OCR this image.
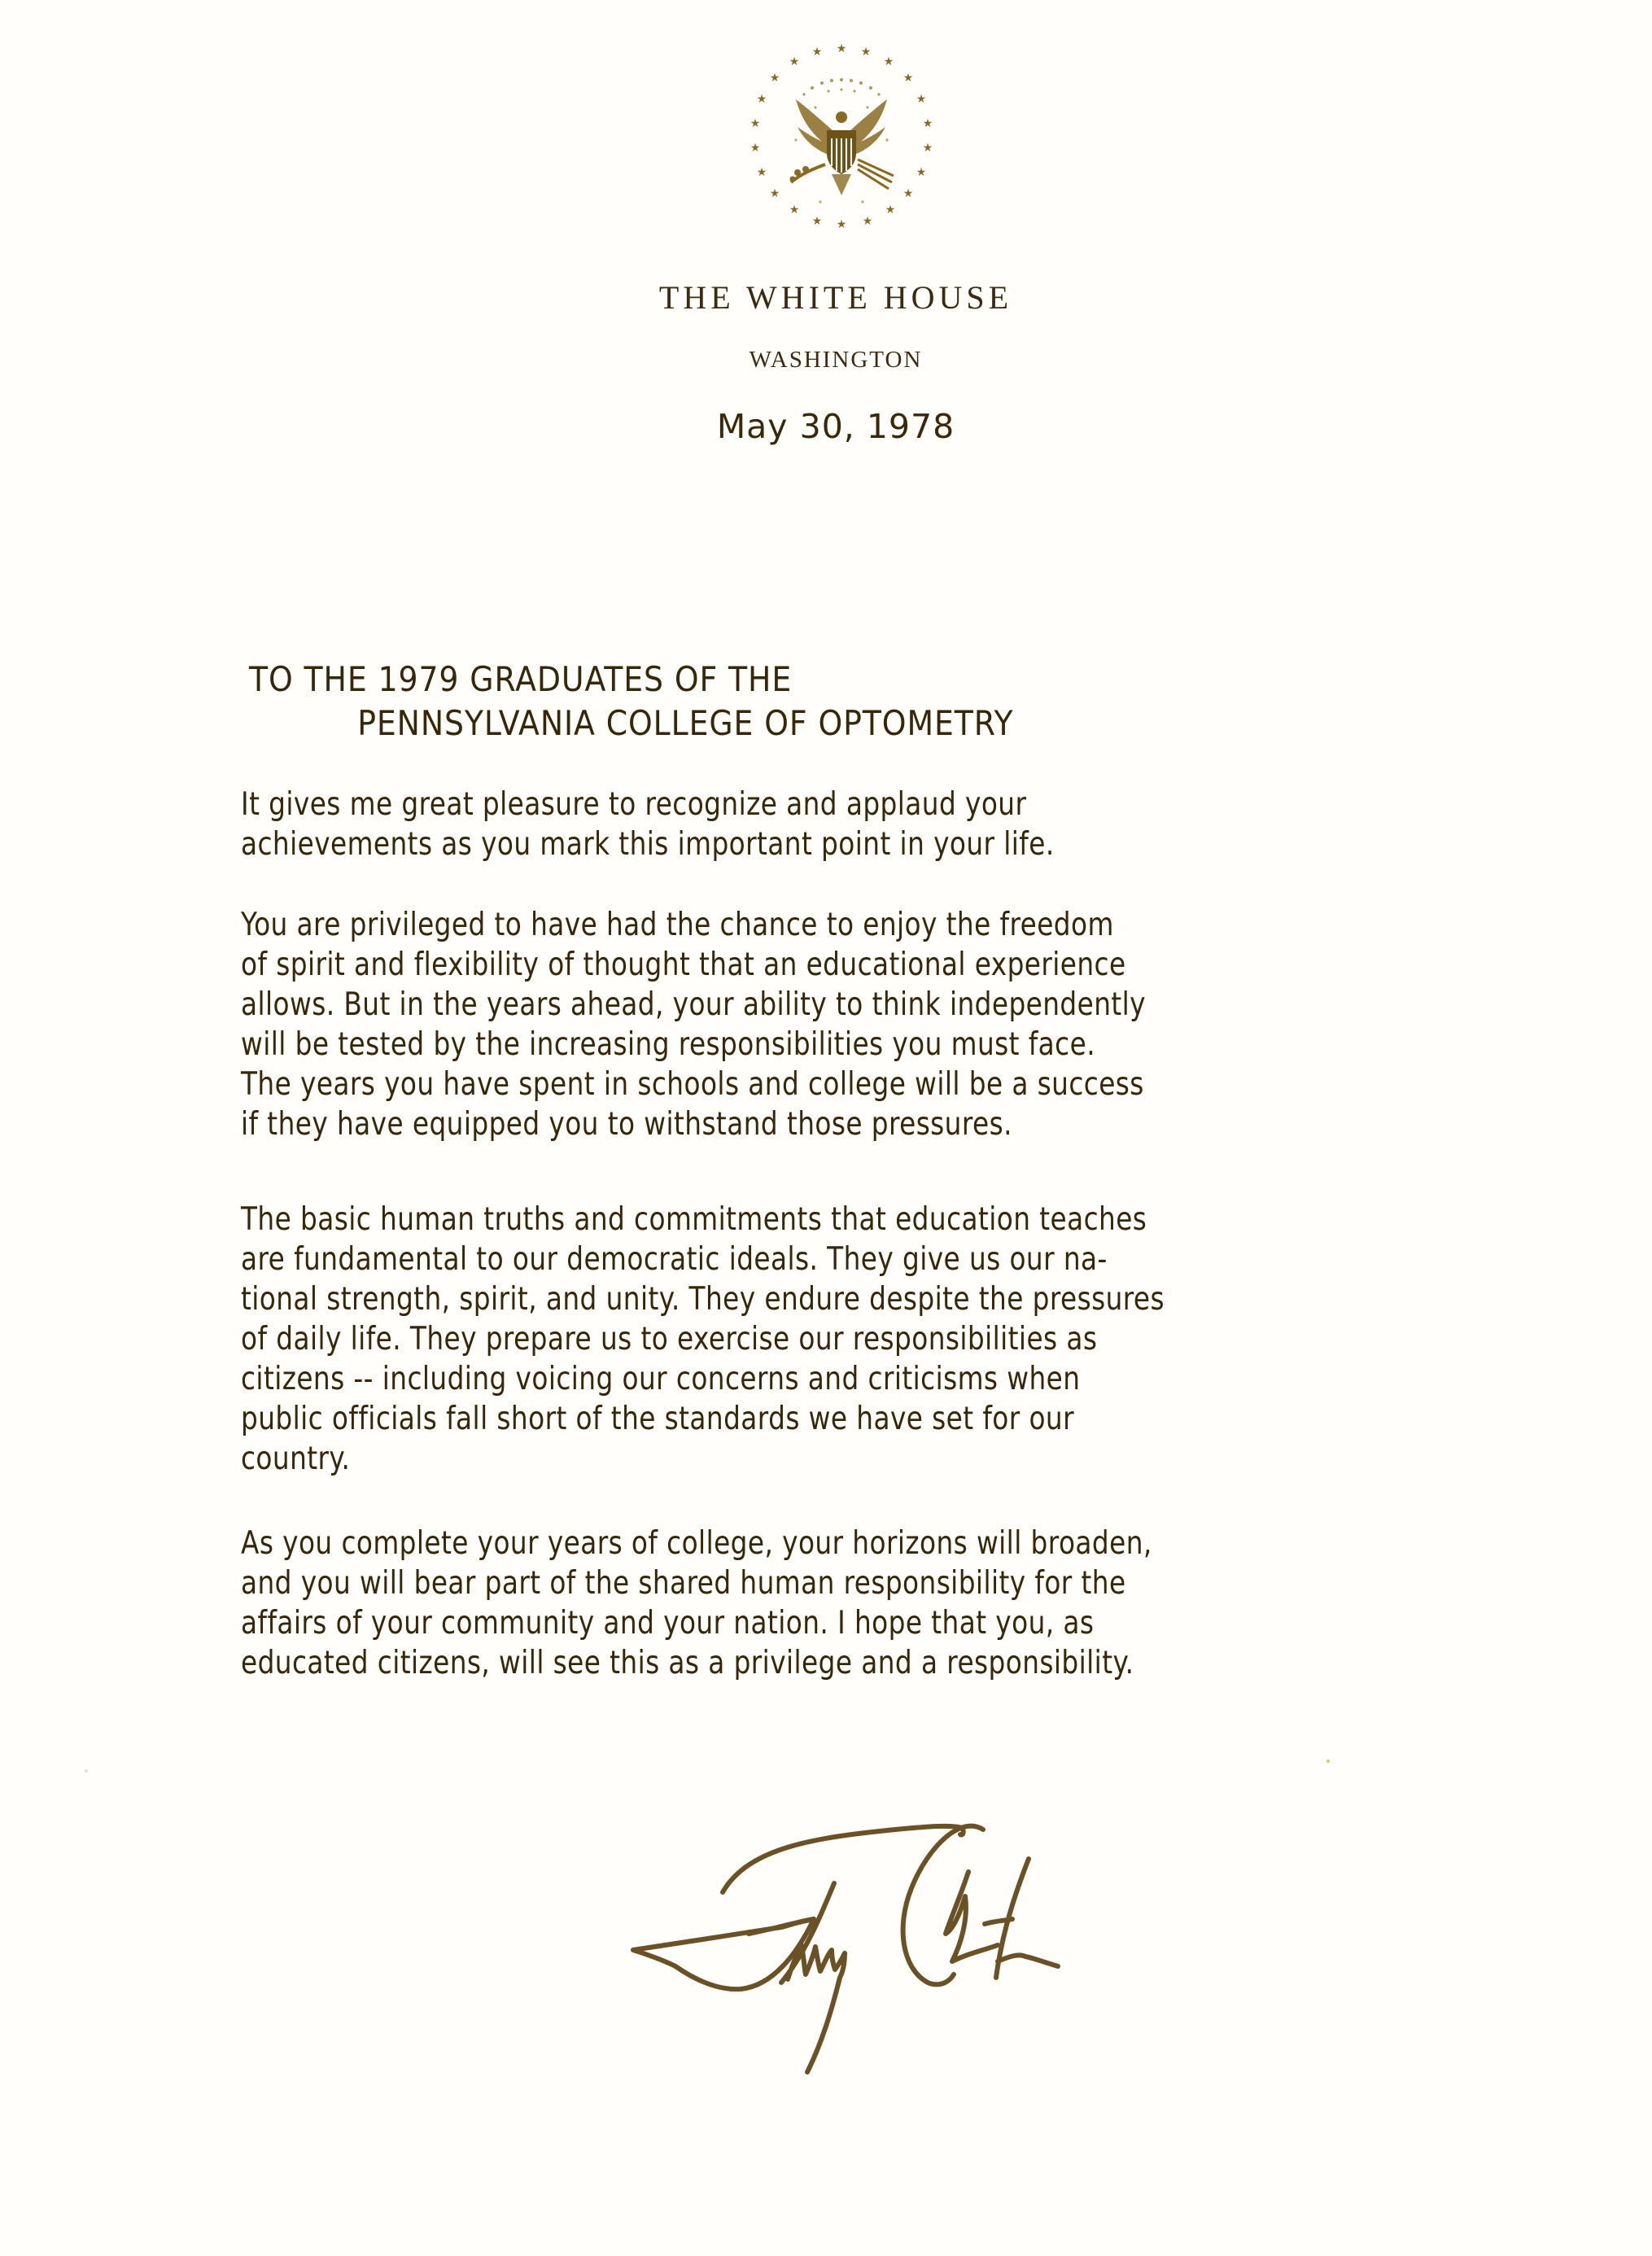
★ ★
★
★
★
★
★
★
★
★
★
★
★
★
★
★
★
★
★
★
★
★
THE WHITE HOUSE
WASHINGTON
May 30, 1978
TO THE 1979 GRADUATES OF THE
PENNSYLVANIA COLLEGE OF OPTOMETRY
It gives me great pleasure to recognize and applaud your
achievements as you mark this important point in your life.
You are privileged to have had the chance to enjoy the freedom
of spirit and flexibility of thought that an educational experience
allows. But in the years ahead, your ability to think independently
will be tested by the increasing responsibilities you must face.
The years you have spent in schools and college will be a success
if they have equipped you to withstand those pressures.
The basic human truths and commitments that education teaches
are fundamental to our democratic ideals. They give us our na-
tional strength, spirit, and unity. They endure despite the pressures
of daily life. They prepare us to exercise our responsibilities as
citizens -- including voicing our concerns and criticisms when
public officials fall short of the standards we have set for our
country.
As you complete your years of college, your horizons will broaden,
and you will bear part of the shared human responsibility for the
affairs of your community and your nation. I hope that you, as
educated citizens, will see this as a privilege and a responsibility.
